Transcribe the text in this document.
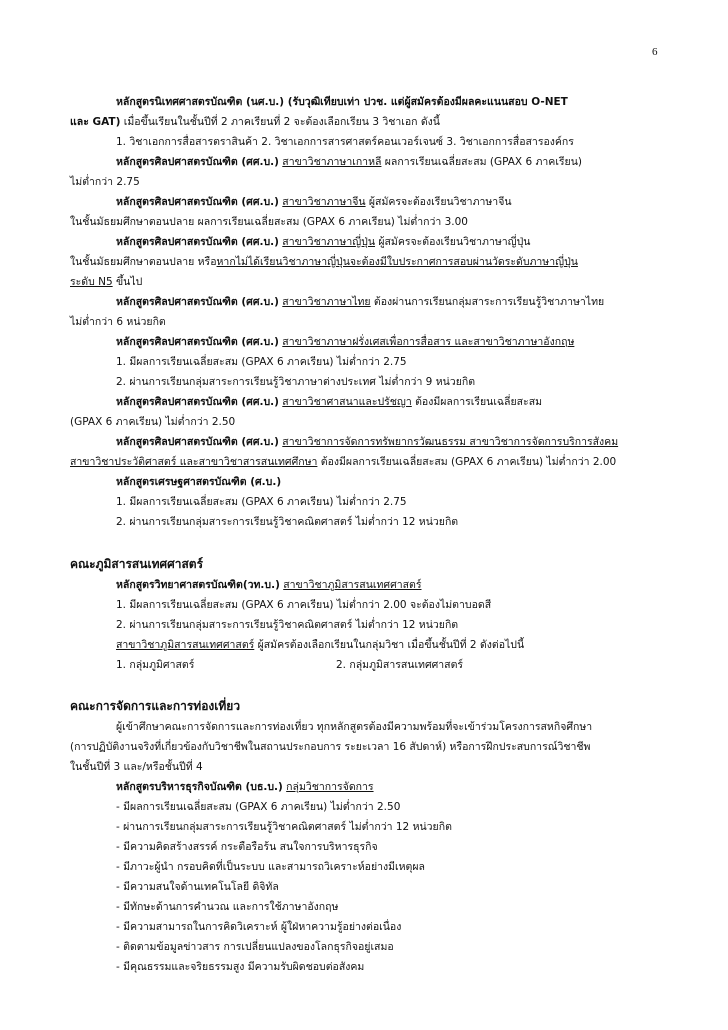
6
หลักสูตรนิเทศศาสตรบัณฑิต (นศ.บ.) (รับวุฒิเทียบเท่า ปวช. แต่ผู้สมัครต้องมีผลคะแนนสอบ O-NET
และ GAT) เมื่อขึ้นเรียนในชั้นปีที่ 2 ภาคเรียนที่ 2 จะต้องเลือกเรียน 3 วิชาเอก ดังนี้
1. วิชาเอกการสื่อสารตราสินค้า 2. วิชาเอกการสารศาสตร์คอนเวอร์เจนซ์ 3. วิชาเอกการสื่อสารองค์กร
หลักสูตรศิลปศาสตรบัณฑิต (ศศ.บ.) สาขาวิชาภาษาเกาหลี ผลการเรียนเฉลี่ยสะสม (GPAX 6 ภาคเรียน)
ไม่ต่ำกว่า 2.75
หลักสูตรศิลปศาสตรบัณฑิต (ศศ.บ.) สาขาวิชาภาษาจีน ผู้สมัครจะต้องเรียนวิชาภาษาจีน
ในชั้นมัธยมศึกษาตอนปลาย ผลการเรียนเฉลี่ยสะสม (GPAX 6 ภาคเรียน) ไม่ต่ำกว่า 3.00
หลักสูตรศิลปศาสตรบัณฑิต (ศศ.บ.) สาขาวิชาภาษาญี่ปุ่น ผู้สมัครจะต้องเรียนวิชาภาษาญี่ปุ่น
ในชั้นมัธยมศึกษาตอนปลาย หรือหากไม่ได้เรียนวิชาภาษาญี่ปุ่นจะต้องมีใบประกาศการสอบผ่านวัดระดับภาษาญี่ปุ่น
ระดับ N5 ขึ้นไป
หลักสูตรศิลปศาสตรบัณฑิต (ศศ.บ.) สาขาวิชาภาษาไทย ต้องผ่านการเรียนกลุ่มสาระการเรียนรู้วิชาภาษาไทย
ไม่ต่ำกว่า 6 หน่วยกิต
หลักสูตรศิลปศาสตรบัณฑิต (ศศ.บ.) สาขาวิชาภาษาฝรั่งเศสเพื่อการสื่อสาร และสาขาวิชาภาษาอังกฤษ
1. มีผลการเรียนเฉลี่ยสะสม (GPAX 6 ภาคเรียน) ไม่ต่ำกว่า 2.75
2. ผ่านการเรียนกลุ่มสาระการเรียนรู้วิชาภาษาต่างประเทศ ไม่ต่ำกว่า 9 หน่วยกิต
หลักสูตรศิลปศาสตรบัณฑิต (ศศ.บ.) สาขาวิชาศาสนาและปรัชญา ต้องมีผลการเรียนเฉลี่ยสะสม
(GPAX 6 ภาคเรียน) ไม่ต่ำกว่า 2.50
หลักสูตรศิลปศาสตรบัณฑิต (ศศ.บ.) สาขาวิชาการจัดการทรัพยากรวัฒนธรรม สาขาวิชาการจัดการบริการสังคม
สาขาวิชาประวัติศาสตร์ และสาขาวิชาสารสนเทศศึกษา ต้องมีผลการเรียนเฉลี่ยสะสม (GPAX 6 ภาคเรียน) ไม่ต่ำกว่า 2.00
หลักสูตรเศรษฐศาสตรบัณฑิต (ศ.บ.)
1. มีผลการเรียนเฉลี่ยสะสม (GPAX 6 ภาคเรียน) ไม่ต่ำกว่า 2.75
2. ผ่านการเรียนกลุ่มสาระการเรียนรู้วิชาคณิตศาสตร์ ไม่ต่ำกว่า 12 หน่วยกิต
คณะภูมิสารสนเทศศาสตร์
หลักสูตรวิทยาศาสตรบัณฑิต(วท.บ.) สาขาวิชาภูมิสารสนเทศศาสตร์
1. มีผลการเรียนเฉลี่ยสะสม (GPAX 6 ภาคเรียน) ไม่ต่ำกว่า 2.00 จะต้องไม่ตาบอดสี
2. ผ่านการเรียนกลุ่มสาระการเรียนรู้วิชาคณิตศาสตร์ ไม่ต่ำกว่า 12 หน่วยกิต
สาขาวิชาภูมิสารสนเทศศาสตร์ ผู้สมัครต้องเลือกเรียนในกลุ่มวิชา เมื่อขึ้นชั้นปีที่ 2 ดังต่อไปนี้
1. กลุ่มภูมิศาสตร์	2. กลุ่มภูมิสารสนเทศศาสตร์
คณะการจัดการและการท่องเที่ยว
ผู้เข้าศึกษาคณะการจัดการและการท่องเที่ยว ทุกหลักสูตรต้องมีความพร้อมที่จะเข้าร่วมโครงการสหกิจศึกษา
(การปฏิบัติงานจริงที่เกี่ยวข้องกับวิชาชีพในสถานประกอบการ ระยะเวลา 16 สัปดาห์) หรือการฝึกประสบการณ์วิชาชีพ
ในชั้นปีที่ 3 และ/หรือชั้นปีที่ 4
หลักสูตรบริหารธุรกิจบัณฑิต (บธ.บ.) กลุ่มวิชาการจัดการ
- มีผลการเรียนเฉลี่ยสะสม (GPAX 6 ภาคเรียน) ไม่ต่ำกว่า 2.50
- ผ่านการเรียนกลุ่มสาระการเรียนรู้วิชาคณิตศาสตร์ ไม่ต่ำกว่า 12 หน่วยกิต
- มีความคิดสร้างสรรค์ กระตือรือร้น สนใจการบริหารธุรกิจ
- มีภาวะผู้นำ กรอบคิดที่เป็นระบบ และสามารถวิเคราะห์อย่างมีเหตุผล
- มีความสนใจด้านเทคโนโลยี ดิจิทัล
- มีทักษะด้านการคำนวณ และการใช้ภาษาอังกฤษ
- มีความสามารถในการคิดวิเคราะห์ ผู้ใฝ่หาความรู้อย่างต่อเนื่อง
- ติดตามข้อมูลข่าวสาร การเปลี่ยนแปลงของโลกธุรกิจอยู่เสมอ
- มีคุณธรรมและจริยธรรมสูง มีความรับผิดชอบต่อสังคม
